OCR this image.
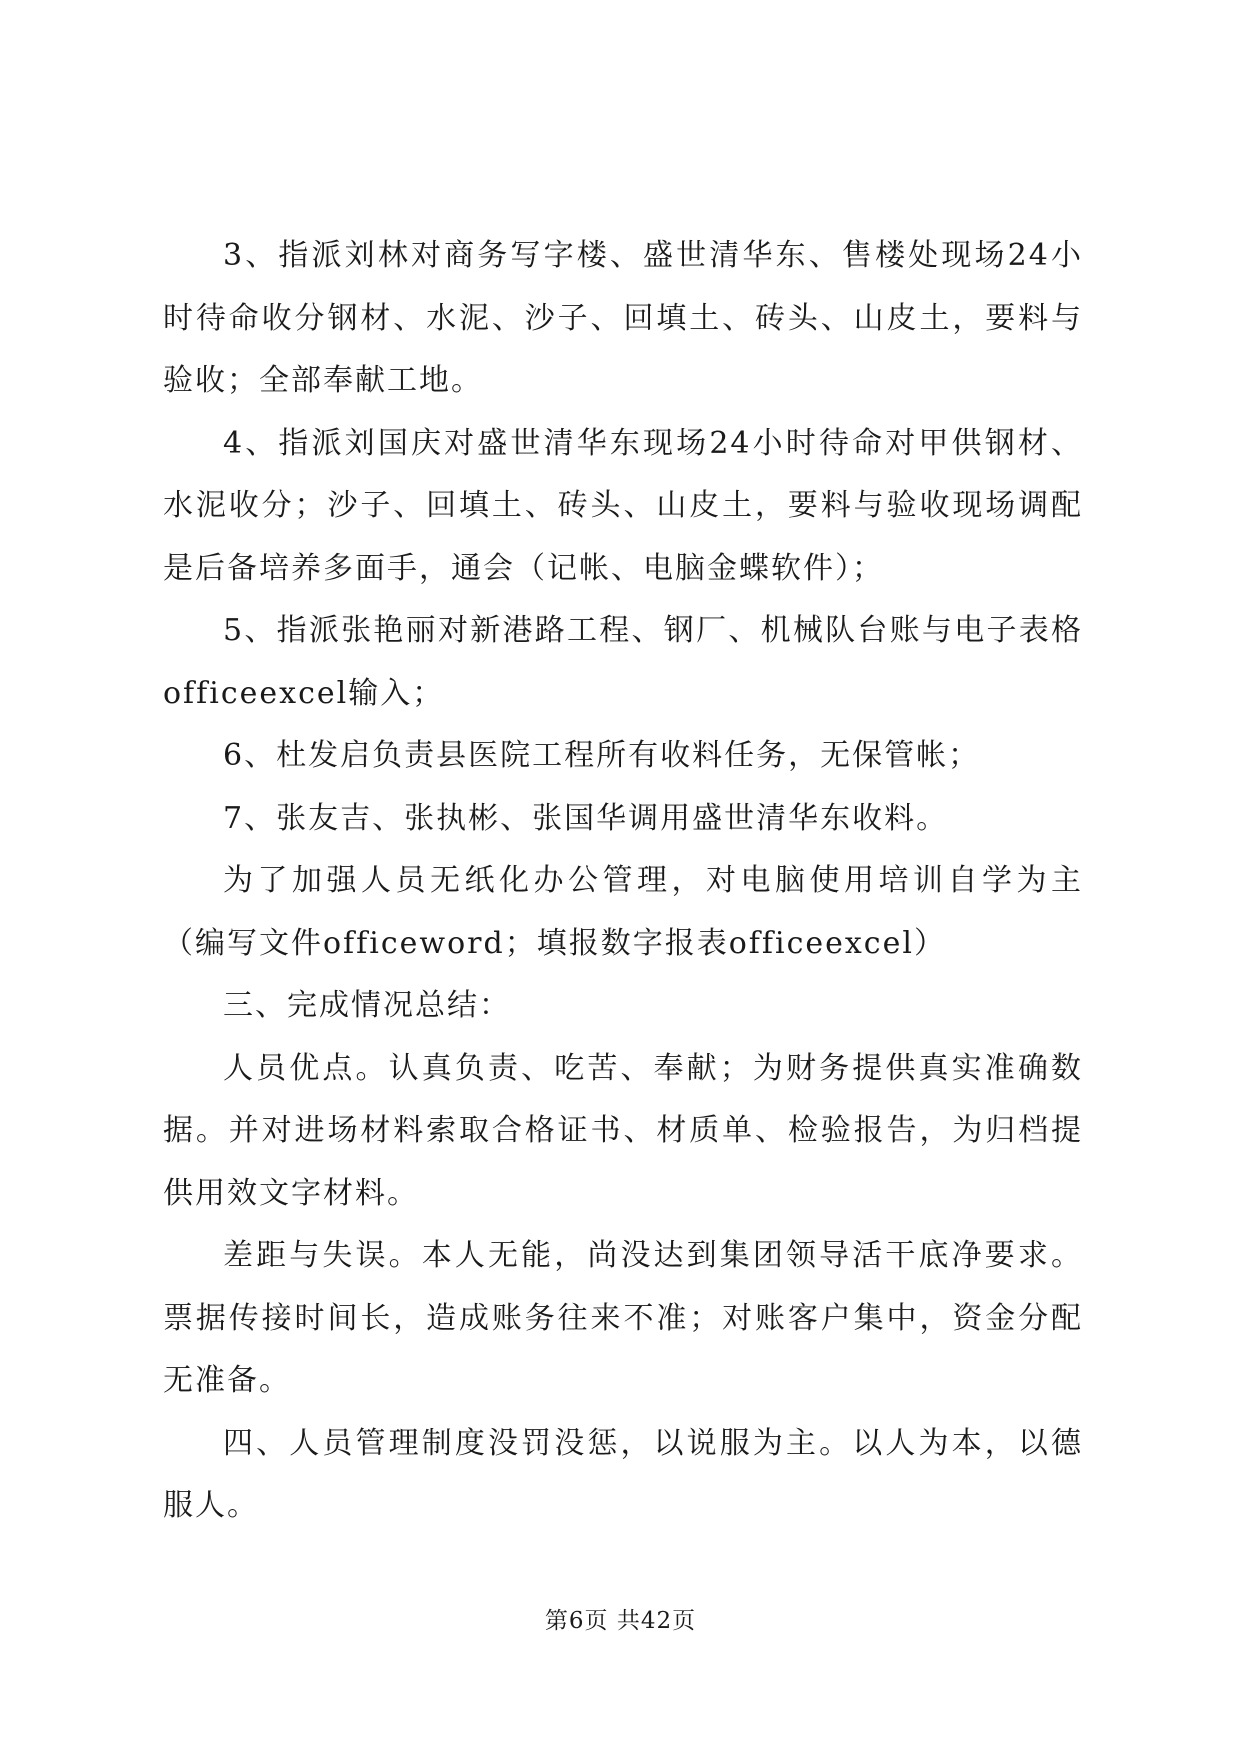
3、指派刘林对商务写字楼、盛世清华东、售楼处现场24小时待命收分钢材、水泥、沙子、回填土、砖头、山皮土，要料与验收；全部奉献工地。

4、指派刘国庆对盛世清华东现场24小时待命对甲供钢材、水泥收分；沙子、回填土、砖头、山皮土，要料与验收现场调配是后备培养多面手，通会（记帐、电脑金蝶软件）；

5、指派张艳丽对新港路工程、钢厂、机械队台账与电子表格officeexcel输入；

6、杜发启负责县医院工程所有收料任务，无保管帐；

7、张友吉、张执彬、张国华调用盛世清华东收料。

为了加强人员无纸化办公管理，对电脑使用培训自学为主（编写文件officeword；填报数字报表officeexcel）

三、完成情况总结：

人员优点。认真负责、吃苦、奉献；为财务提供真实准确数据。并对进场材料索取合格证书、材质单、检验报告，为归档提供用效文字材料。

差距与失误。本人无能，尚没达到集团领导活干底净要求。票据传接时间长，造成账务往来不准；对账客户集中，资金分配无准备。

四、人员管理制度没罚没惩，以说服为主。以人为本，以德服人。

第6页 共42页
